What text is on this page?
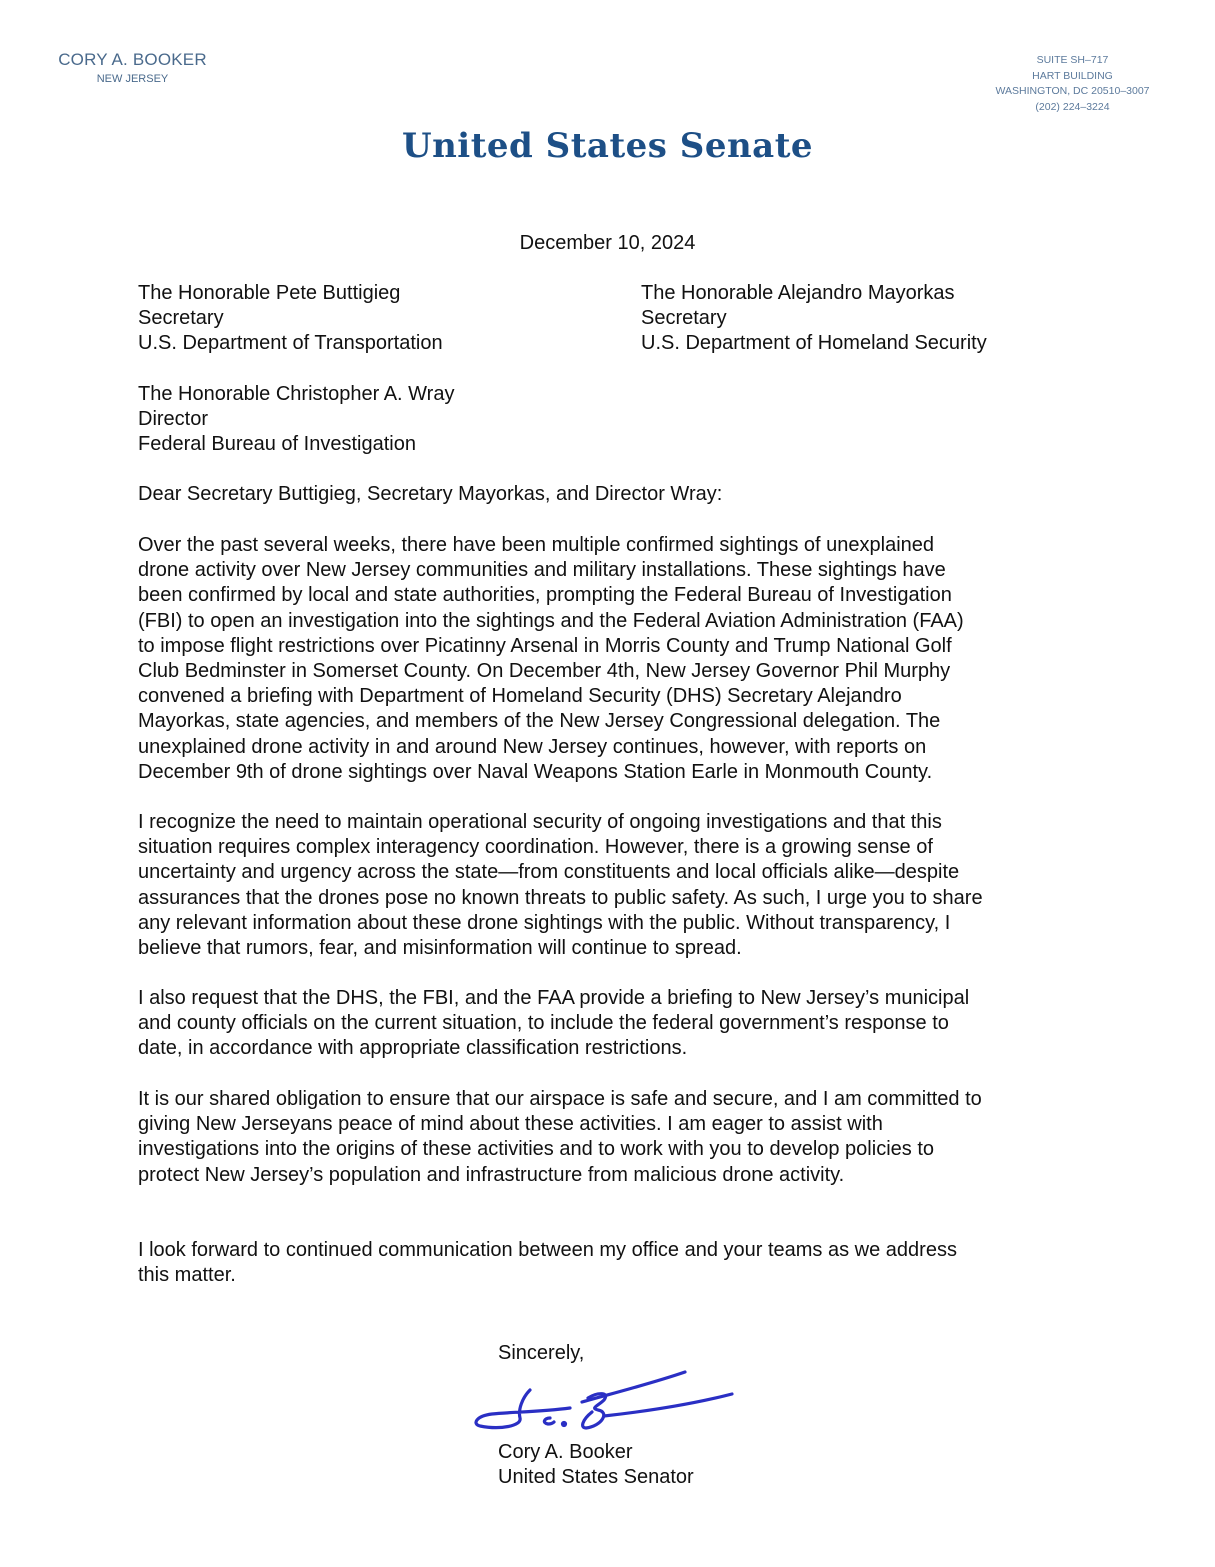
CORY A. BOOKER
NEW JERSEY
SUITE SH–717
HART BUILDING
WASHINGTON, DC 20510–3007
(202) 224–3224
United States Senate
December 10, 2024
The Honorable Pete Buttigieg
Secretary
U.S. Department of Transportation
The Honorable Alejandro Mayorkas
Secretary
U.S. Department of Homeland Security
The Honorable Christopher A. Wray
Director
Federal Bureau of Investigation
Dear Secretary Buttigieg, Secretary Mayorkas, and Director Wray:
Over the past several weeks, there have been multiple confirmed sightings of unexplained
drone activity over New Jersey communities and military installations. These sightings have
been confirmed by local and state authorities, prompting the Federal Bureau of Investigation
(FBI) to open an investigation into the sightings and the Federal Aviation Administration (FAA)
to impose flight restrictions over Picatinny Arsenal in Morris County and Trump National Golf
Club Bedminster in Somerset County. On December 4th, New Jersey Governor Phil Murphy
convened a briefing with Department of Homeland Security (DHS) Secretary Alejandro
Mayorkas, state agencies, and members of the New Jersey Congressional delegation. The
unexplained drone activity in and around New Jersey continues, however, with reports on
December 9th of drone sightings over Naval Weapons Station Earle in Monmouth County.
I recognize the need to maintain operational security of ongoing investigations and that this
situation requires complex interagency coordination. However, there is a growing sense of
uncertainty and urgency across the state—from constituents and local officials alike—despite
assurances that the drones pose no known threats to public safety. As such, I urge you to share
any relevant information about these drone sightings with the public. Without transparency, I
believe that rumors, fear, and misinformation will continue to spread.
I also request that the DHS, the FBI, and the FAA provide a briefing to New Jersey’s municipal
and county officials on the current situation, to include the federal government’s response to
date, in accordance with appropriate classification restrictions.
It is our shared obligation to ensure that our airspace is safe and secure, and I am committed to
giving New Jerseyans peace of mind about these activities. I am eager to assist with
investigations into the origins of these activities and to work with you to develop policies to
protect New Jersey’s population and infrastructure from malicious drone activity.
I look forward to continued communication between my office and your teams as we address
this matter.
Sincerely,
Cory A. Booker
United States Senator
